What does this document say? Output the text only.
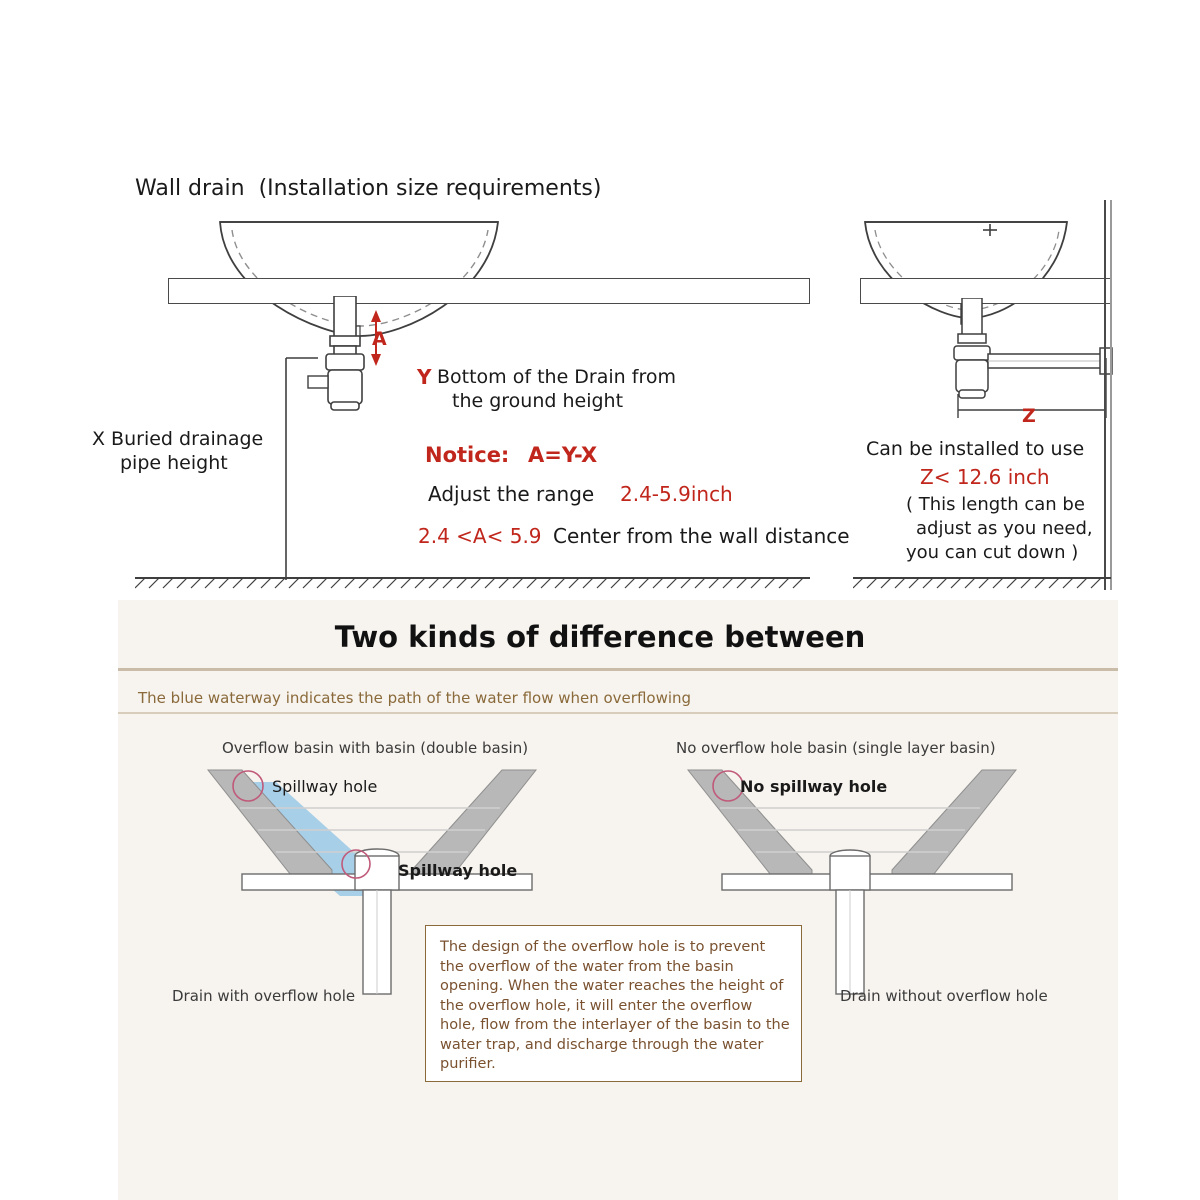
Wall drain  (Installation size requirements)
A
X Buried drainage
pipe height
Y Bottom of the Drain from
the ground height
Notice: A=Y-X
Adjust the range 2.4-5.9inch
2.4 <A< 5.9 Center from the wall distance
Z
Can be installed to use
Z< 12.6 inch
( This length can be
adjust as you need,
you can cut down )
Two kinds of difference between
The blue waterway indicates the path of the water flow when overflowing
Overflow basin with basin (double basin)
Spillway hole
Spillway hole
Drain with overflow hole
No overflow hole basin (single layer basin)
No spillway hole
Drain without overflow hole
The design of the overflow hole is to prevent the overflow of the water from the basin opening. When the water reaches the height of the overflow hole, it will enter the overflow hole, flow from the interlayer of the basin to the water trap, and discharge through the water purifier.
